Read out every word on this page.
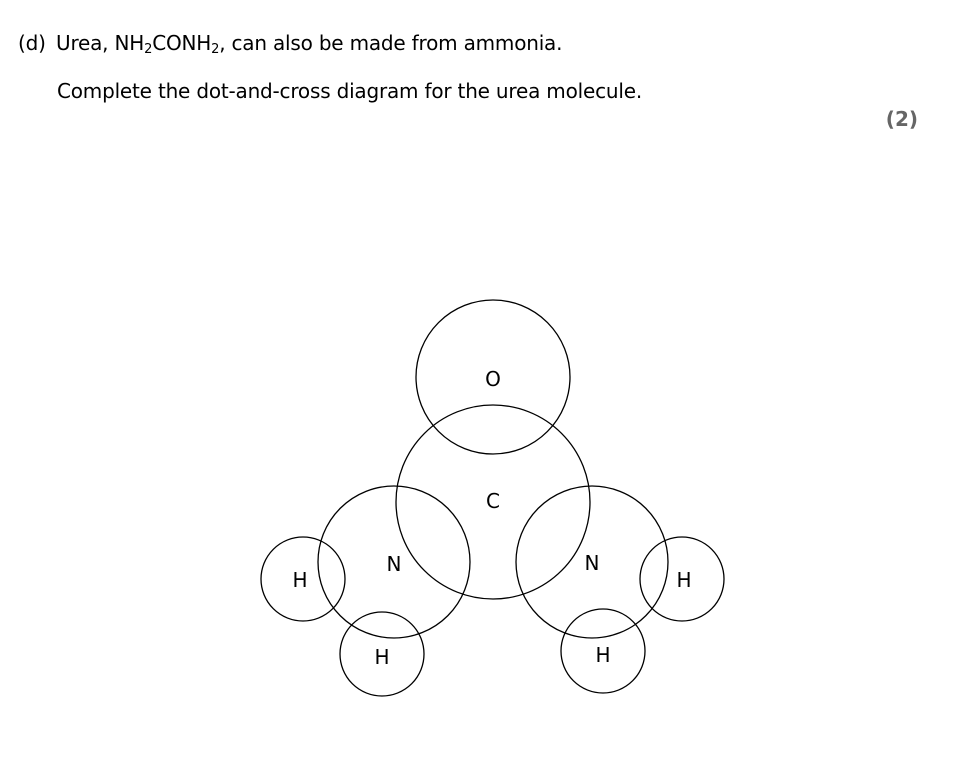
(d) Urea, $NH_2CONH_2$, can also be made from ammonia.
Complete the dot-and-cross diagram for the urea molecule.
(2)
O
C
N	N
H
H	H
H
